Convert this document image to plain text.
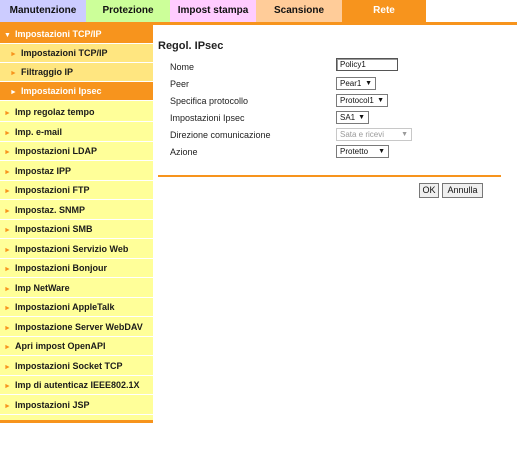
Manutenzione	Protezione	Impost stampa	Scansione	Rete
▼ Impostazioni TCP/IP
► Impostazioni TCP/IP
► Filtraggio IP
► Impostazioni Ipsec
► Imp regolaz tempo
► Imp. e-mail
► Impostazioni LDAP
► Impostaz IPP
► Impostazioni FTP
► Impostaz. SNMP
► Impostazioni SMB
► Impostazioni Servizio Web
► Impostazioni Bonjour
► Imp NetWare
► Impostazioni AppleTalk
► Impostazione Server WebDAV
► Apri impost OpenAPI
► Impostazioni Socket TCP
► Imp di autenticaz IEEE802.1X
► Impostazioni JSP
Regol. IPsec
Nome	Policy1
Peer	Pear1 ▼
Specifica protocollo	Protocol1 ▼
Impostazioni Ipsec	SA1 ▼
Direzione comunicazione	Sata e ricevi ▼
Azione	Protetto ▼
OK	Annulla
